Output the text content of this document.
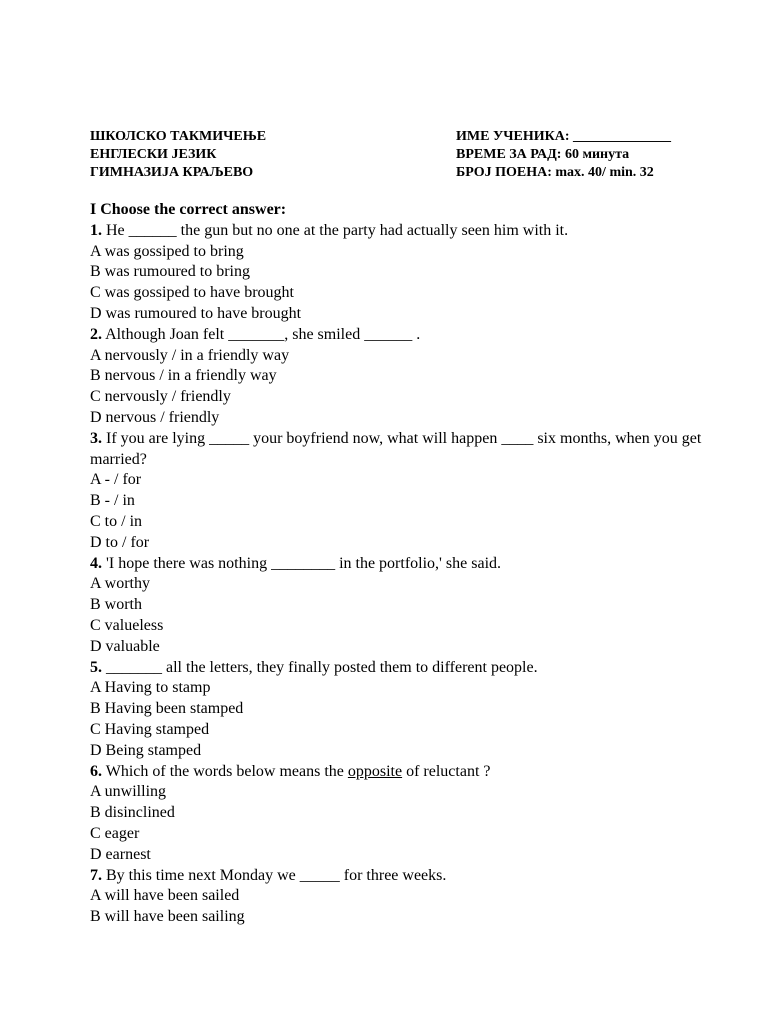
ШКОЛСКО ТАКМИЧЕЊЕ
ЕНГЛЕСКИ ЈЕЗИК
ГИМНАЗИЈА КРАЉЕВО
ИМЕ УЧЕНИКА: ______________
ВРЕМЕ ЗА РАД: 60 минута
БРОЈ ПОЕНА: max. 40/ min. 32
I Choose the correct answer:
1. He ______ the gun but no one at the party had actually seen him with it.
A was gossiped to bring
B was rumoured to bring
C was gossiped to have brought
D was rumoured to have brought
2. Although Joan felt _______, she smiled ______ .
A nervously / in a friendly way
B nervous / in a friendly way
C nervously / friendly
D nervous / friendly
3. If you are lying _____ your boyfriend now, what will happen ____ six months, when you get married?
A - / for
B - / in
C to / in
D to / for
4. 'I hope there was nothing ________ in the portfolio,' she said.
A worthy
B worth
C valueless
D valuable
5. _______ all the letters, they finally posted them to different people.
A Having to stamp
B Having been stamped
C Having stamped
D Being stamped
6. Which of the words below means the opposite of reluctant ?
A unwilling
B disinclined
C eager
D earnest
7. By this time next Monday we _____ for three weeks.
A will have been sailed
B will have been sailing
